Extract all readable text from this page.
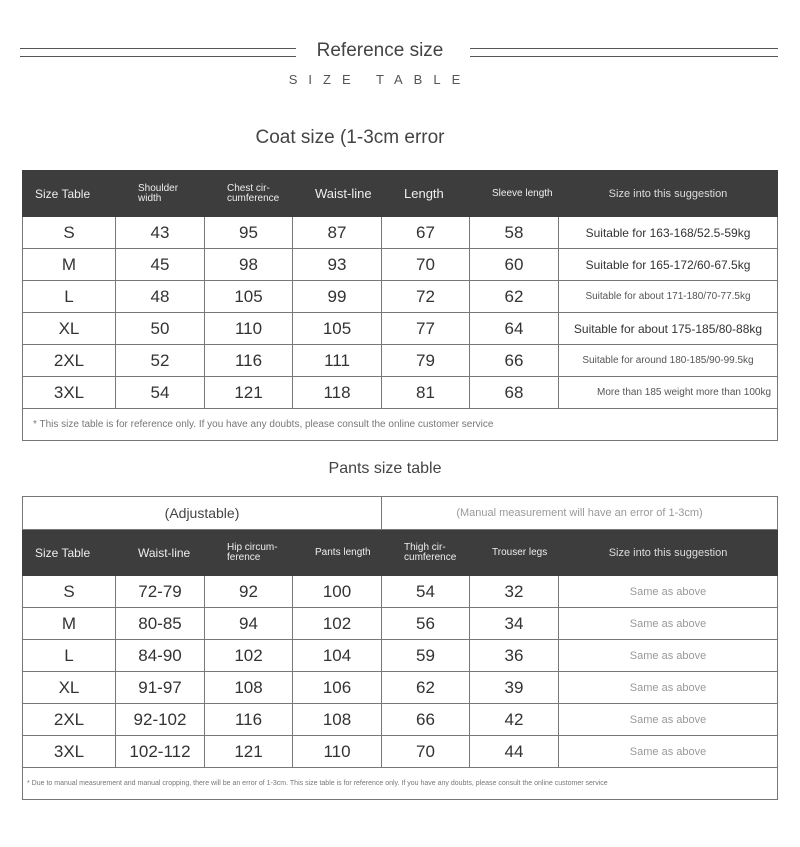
Reference size
SIZE TABLE
Coat size (1-3cm error
Size Table	Shoulder width	Chest cir-cumference	Waist-line	Length	Sleeve length	Size into this suggestion
S	43	95	87	67	58	Suitable for 163-168/52.5-59kg
M	45	98	93	70	60	Suitable for 165-172/60-67.5kg
L	48	105	99	72	62	Suitable for about 171-180/70-77.5kg
XL	50	110	105	77	64	Suitable for about 175-185/80-88kg
2XL	52	116	111	79	66	Suitable for around 180-185/90-99.5kg
3XL	54	121	118	81	68	More than 185 weight more than 100kg
* This size table is for reference only. If you have any doubts, please consult the online customer service						
Pants size table
(Adjustable)				(Manual measurement will have an error of 1-3cm)		
Size Table	Waist-line	Hip circum-ference	Pants length	Thigh cir-cumference	Trouser legs	Size into this suggestion
S	72-79	92	100	54	32	Same as above
M	80-85	94	102	56	34	Same as above
L	84-90	102	104	59	36	Same as above
XL	91-97	108	106	62	39	Same as above
2XL	92-102	116	108	66	42	Same as above
3XL	102-112	121	110	70	44	Same as above
* Due to manual measurement and manual cropping, there will be an error of 1-3cm. This size table is for reference only. If you have any doubts, please consult the online customer service						
